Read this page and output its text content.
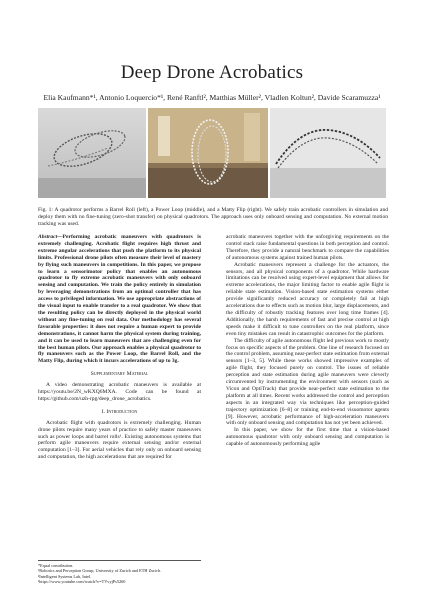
Deep Drone Acrobatics
Elia Kaufmann*¹, Antonio Loquercio*¹, René Ranftl², Matthias Müller², Vladlen Koltun², Davide Scaramuzza¹
Fig. 1: A quadrotor performs a Barrel Roll (left), a Power Loop (middle), and a Matty Flip (right). We safely train acrobatic controllers in simulation and deploy them with no fine-tuning (zero-shot transfer) on physical quadrotors. The approach uses only onboard sensing and computation. No external motion tracking was used.

Abstract—Performing acrobatic maneuvers with quadrotors is extremely challenging. Acrobatic flight requires high thrust and extreme angular accelerations that push the platform to its physical limits. Professional drone pilots often measure their level of mastery by flying such maneuvers in competitions. In this paper, we propose to learn a sensorimotor policy that enables an autonomous quadrotor to fly extreme acrobatic maneuvers with only onboard sensing and computation. We train the policy entirely in simulation by leveraging demonstrations from an optimal controller that has access to privileged information. We use appropriate abstractions of the visual input to enable transfer to a real quadrotor. We show that the resulting policy can be directly deployed in the physical world without any fine-tuning on real data. Our methodology has several favorable properties: it does not require a human expert to provide demonstrations, it cannot harm the physical system during training, and it can be used to learn maneuvers that are challenging even for the best human pilots. Our approach enables a physical quadrotor to fly maneuvers such as the Power Loop, the Barrel Roll, and the Matty Flip, during which it incurs accelerations of up to 3g.

Supplementary Material

A video demonstrating acrobatic maneuvers is available at https://youtu.be/2N_wKXQ6MXA. Code can be found at https://github.com/uzh-rpg/deep_drone_acrobatics.

I. Introduction

Acrobatic flight with quadrotors is extremely challenging. Human drone pilots require many years of practice to safely master maneuvers such as power loops and barrel rolls¹. Existing autonomous systems that perform agile maneuvers require external sensing and/or external computation [1–3]. For aerial vehicles that rely only on onboard sensing and computation, the high accelerations that are required for

*Equal contribution.
¹Robotics and Perception Group, University of Zurich and ETH Zurich.
²Intelligent Systems Lab, Intel.
¹https://www.youtube.com/watch?v=TVvyjPs5260

acrobatic maneuvers together with the unforgiving requirements on the control stack raise fundamental questions in both perception and control. Therefore, they provide a natural benchmark to compare the capabilities of autonomous systems against trained human pilots.

Acrobatic maneuvers represent a challenge for the actuators, the sensors, and all physical components of a quadrotor. While hardware limitations can be resolved using expert-level equipment that allows for extreme accelerations, the major limiting factor to enable agile flight is reliable state estimation. Vision-based state estimation systems either provide significantly reduced accuracy or completely fail at high accelerations due to effects such as motion blur, large displacements, and the difficulty of robustly tracking features over long time frames [4]. Additionally, the harsh requirements of fast and precise control at high speeds make it difficult to tune controllers on the real platform, since even tiny mistakes can result in catastrophic outcomes for the platform.

The difficulty of agile autonomous flight led previous work to mostly focus on specific aspects of the problem. One line of research focused on the control problem, assuming near-perfect state estimation from external sensors [1–3, 5]. While these works showed impressive examples of agile flight, they focused purely on control. The issues of reliable perception and state estimation during agile maneuvers were cleverly circumvented by instrumenting the environment with sensors (such as Vicon and OptiTrack) that provide near-perfect state estimation to the platform at all times. Recent works addressed the control and perception aspects in an integrated way via techniques like perception-guided trajectory optimization [6–8] or training end-to-end visuomotor agents [9]. However, acrobatic performance of high-acceleration maneuvers with only onboard sensing and computation has not yet been achieved.

In this paper, we show for the first time that a vision-based autonomous quadrotor with only onboard sensing and computation is capable of autonomously performing agile
